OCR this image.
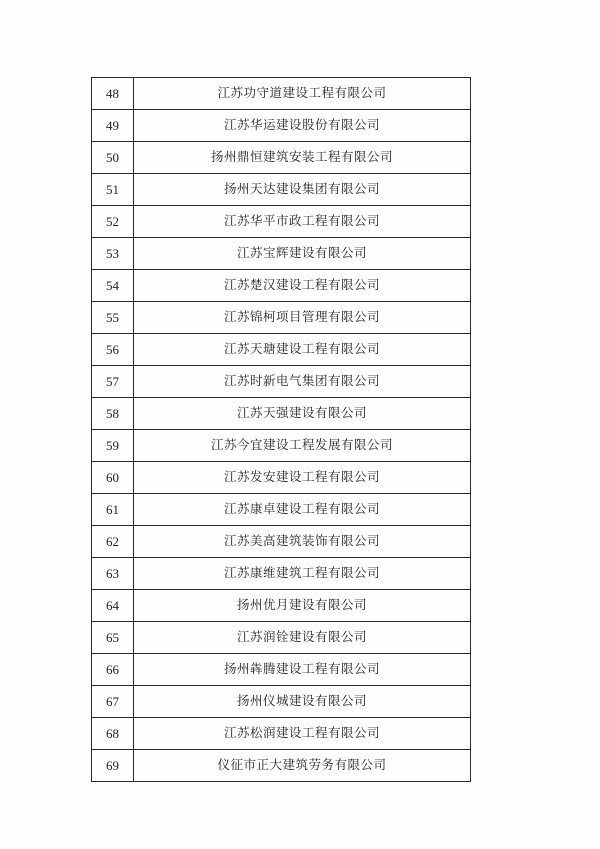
48	江苏功守道建设工程有限公司
49	江苏华运建设股份有限公司
50	扬州鼎恒建筑安装工程有限公司
51	扬州天达建设集团有限公司
52	江苏华平市政工程有限公司
53	江苏宝辉建设有限公司
54	江苏楚汉建设工程有限公司
55	江苏锦柯项目管理有限公司
56	江苏天瑭建设工程有限公司
57	江苏时新电气集团有限公司
58	江苏天强建设有限公司
59	江苏今宜建设工程发展有限公司
60	江苏发安建设工程有限公司
61	江苏康卓建设工程有限公司
62	江苏美高建筑装饰有限公司
63	江苏康维建筑工程有限公司
64	扬州优月建设有限公司
65	江苏润铨建设有限公司
66	扬州犇腾建设工程有限公司
67	扬州仪城建设有限公司
68	江苏松润建设工程有限公司
69	仪征市正大建筑劳务有限公司
